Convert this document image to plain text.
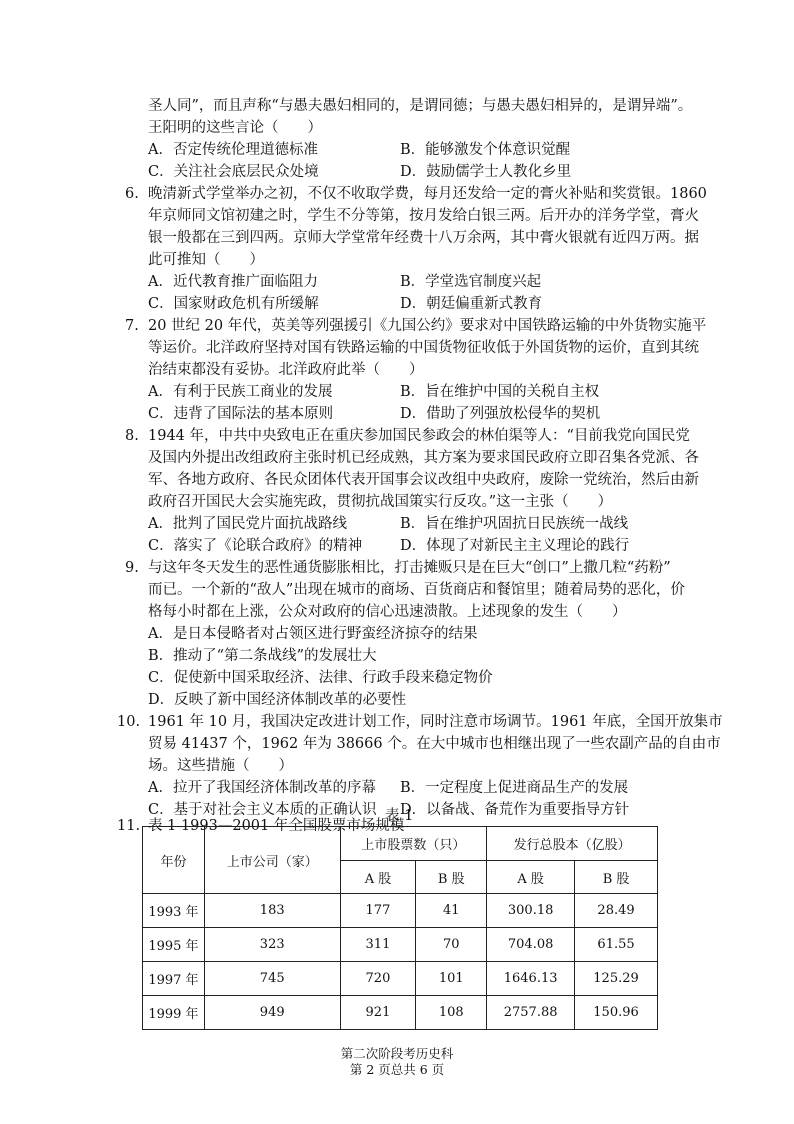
圣人同”，而且声称“与愚夫愚妇相同的，是谓同德；与愚夫愚妇相异的，是谓异端”。
王阳明的这些言论（　　）
A．否定传统伦理道德标准	B．能够激发个体意识觉醒
C．关注社会底层民众处境	D．鼓励儒学士人教化乡里
6. 晚清新式学堂举办之初，不仅不收取学费，每月还发给一定的膏火补贴和奖赏银。1860
年京师同文馆初建之时，学生不分等第，按月发给白银三两。后开办的洋务学堂，膏火
银一般都在三到四两。京师大学堂常年经费十八万余两，其中膏火银就有近四万两。据
此可推知（　　）
A．近代教育推广面临阻力	B．学堂选官制度兴起
C．国家财政危机有所缓解	D．朝廷偏重新式教育
7. 20 世纪 20 年代，英美等列强援引《九国公约》要求对中国铁路运输的中外货物实施平
等运价。北洋政府坚持对国有铁路运输的中国货物征收低于外国货物的运价，直到其统
治结束都没有妥协。北洋政府此举（　　）
A．有利于民族工商业的发展	B．旨在维护中国的关税自主权
C．违背了国际法的基本原则	D．借助了列强放松侵华的契机
8. 1944 年，中共中央致电正在重庆参加国民参政会的林伯渠等人：“目前我党向国民党
及国内外提出改组政府主张时机已经成熟，其方案为要求国民政府立即召集各党派、各
军、各地方政府、各民众团体代表开国事会议改组中央政府，废除一党统治，然后由新
政府召开国民大会实施宪政，贯彻抗战国策实行反攻。”这一主张（　　）
A．批判了国民党片面抗战路线	B．旨在维护巩固抗日民族统一战线
C．落实了《论联合政府》的精神	D．体现了对新民主主义理论的践行
9. 与这年冬天发生的恶性通货膨胀相比，打击摊贩只是在巨大“创口”上撒几粒“药粉”
而已。一个新的“敌人”出现在城市的商场、百货商店和餐馆里；随着局势的恶化，价
格每小时都在上涨，公众对政府的信心迅速溃散。上述现象的发生（　　）
A．是日本侵略者对占领区进行野蛮经济掠夺的结果
B．推动了“第二条战线”的发展壮大
C．促使新中国采取经济、法律、行政手段来稳定物价
D．反映了新中国经济体制改革的必要性
10. 1961 年 10 月，我国决定改进计划工作，同时注意市场调节。1961 年底，全国开放集市
贸易 41437 个，1962 年为 38666 个。在大中城市也相继出现了一些农副产品的自由市
场。这些措施（　　）
A．拉开了我国经济体制改革的序幕 B．一定程度上促进商品生产的发展
C．基于对社会主义本质的正确认识 D．以备战、备荒作为重要指导方针
11. 表 1 1993—2001 年全国股票市场规模
表 1
年份	上市公司（家）	上市股票数（只）		发行总股本（亿股）	
		A 股	B 股	A 股	B 股
1993 年	183	177	41	300.18	28.49
1995 年	323	311	70	704.08	61.55
1997 年	745	720	101	1646.13	125.29
1999 年	949	921	108	2757.88	150.96
第二次阶段考历史科
第 2 页总共 6 页
